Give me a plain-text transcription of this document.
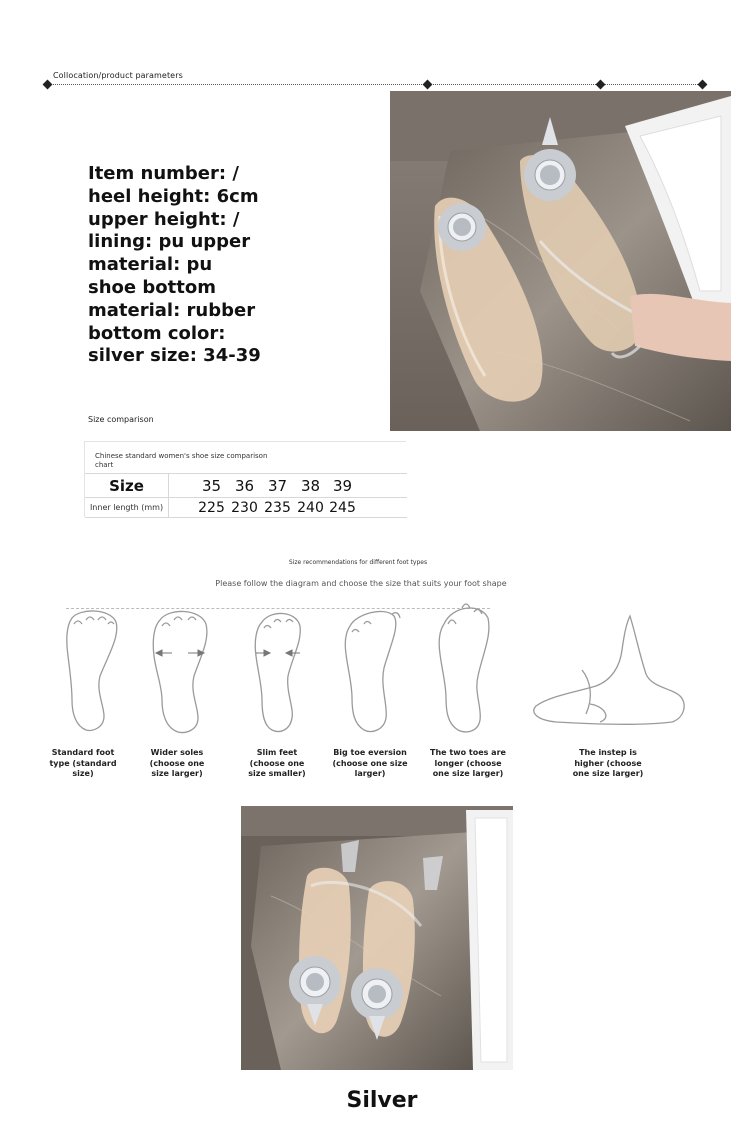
Collocation/product parameters
Item number: /
heel height: 6cm
upper height: /
lining: pu upper
material: pu
shoe bottom
material: rubber
bottom color:
silver size: 34-39
Size comparison
Chinese standard women's shoe size comparison chart
Size	35 36 37 38 39
Inner length (mm)	225 230 235 240 245
Size recommendations for different foot types
Please follow the diagram and choose the size that suits your foot shape
Standard foot
type (standard
size)
Wider soles
(choose one
size larger)
Slim feet
(choose one
size smaller)
Big toe eversion
(choose one size
larger)
The two toes are
longer (choose
one size larger)
The instep is
higher (choose
one size larger)
Silver
